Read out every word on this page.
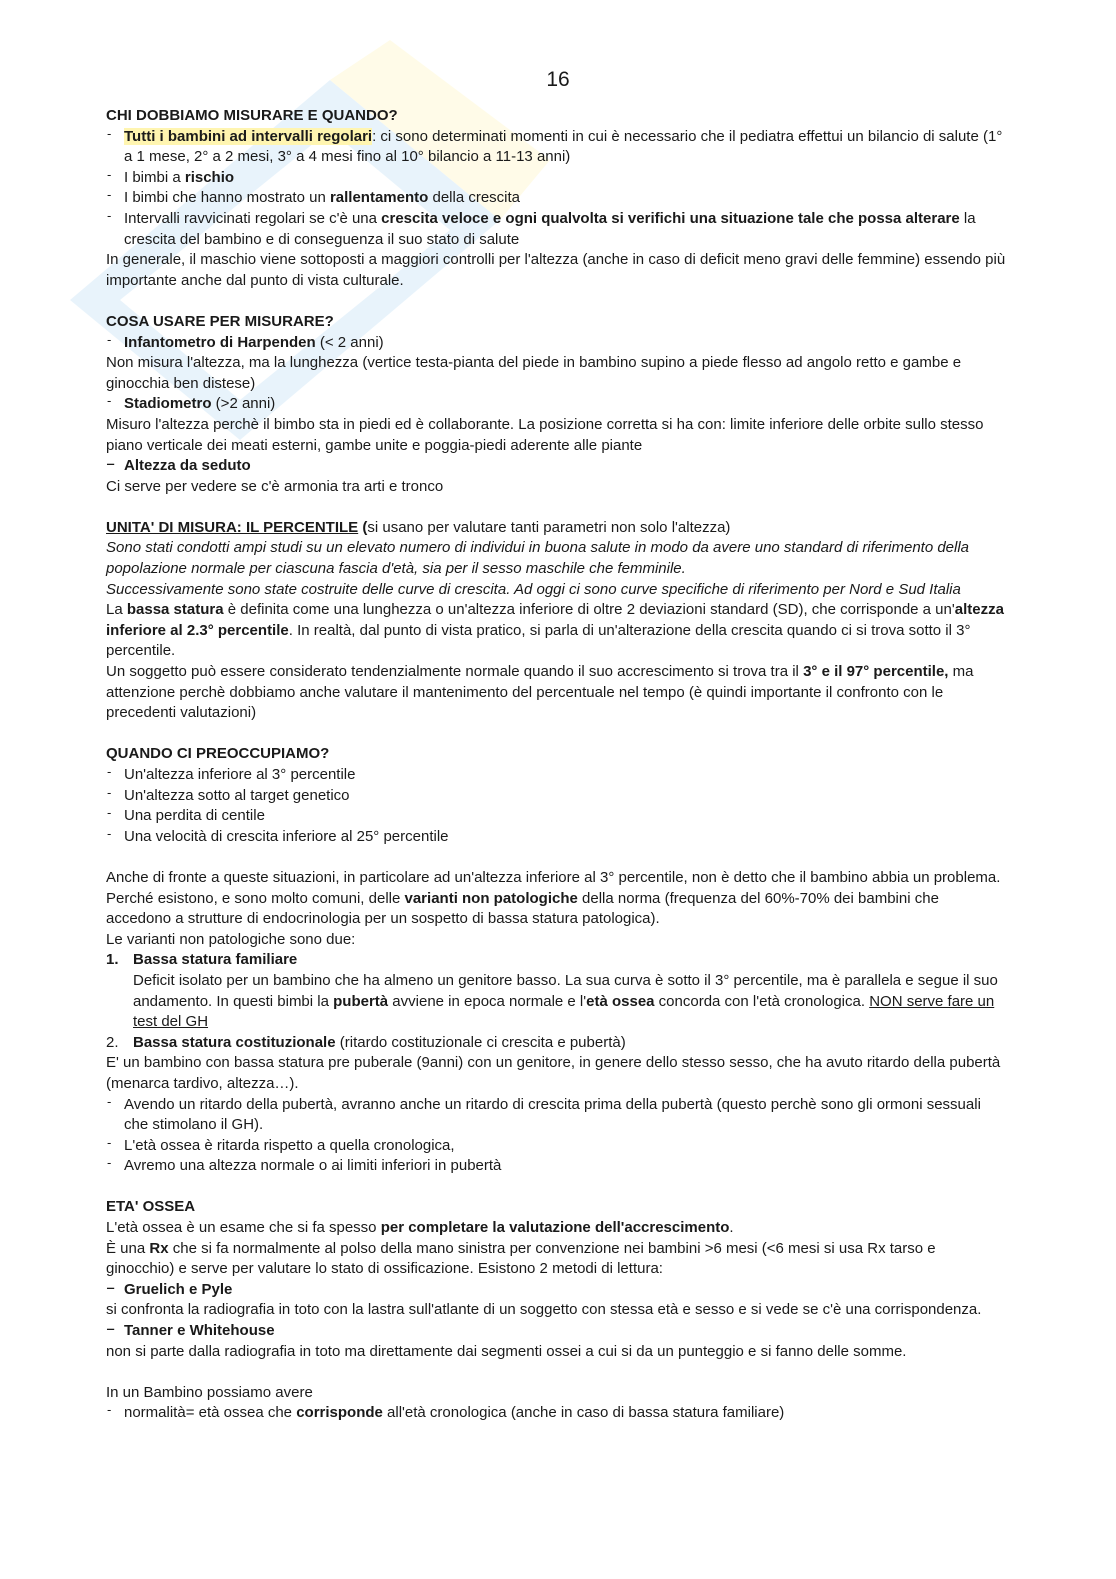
16

CHI DOBBIAMO MISURARE E QUANDO?

‐ Tutti i bambini ad intervalli regolari: ci sono determinati momenti in cui è necessario che il pediatra effettui un bilancio di salute (1° a 1 mese, 2° a 2 mesi, 3° a 4 mesi fino al 10° bilancio a 11-13 anni)
‐ I bimbi a rischio
‐ I bimbi che hanno mostrato un rallentamento della crescita
‐ Intervalli ravvicinati regolari se c'è una crescita veloce e ogni qualvolta si verifichi una situazione tale che possa alterare la crescita del bambino e di conseguenza il suo stato di salute

In generale, il maschio viene sottoposti a maggiori controlli per l'altezza (anche in caso di deficit meno gravi delle femmine) essendo più importante anche dal punto di vista culturale.

COSA USARE PER MISURARE?

‐ Infantometro di Harpenden (< 2 anni)

Non misura l'altezza, ma la lunghezza (vertice testa-pianta del piede in bambino supino a piede flesso ad angolo retto e gambe e ginocchia ben distese)

‐ Stadiometro (>2 anni)

Misuro l'altezza perchè il bimbo sta in piedi ed è collaborante. La posizione corretta si ha con: limite inferiore delle orbite sullo stesso piano verticale dei meati esterni, gambe unite e poggia-piedi aderente alle piante

‒ Altezza da seduto

Ci serve per vedere se c'è armonia tra arti e tronco

UNITA' DI MISURA: IL PERCENTILE (si usano per valutare tanti parametri non solo l'altezza)

Sono stati condotti ampi studi su un elevato numero di individui in buona salute in modo da avere uno standard di riferimento della popolazione normale per ciascuna fascia d'età, sia per il sesso maschile che femminile.

Successivamente sono state costruite delle curve di crescita. Ad oggi ci sono curve specifiche di riferimento per Nord e Sud Italia

La bassa statura è definita come una lunghezza o un'altezza inferiore di oltre 2 deviazioni standard (SD), che corrisponde a un'altezza inferiore al 2.3° percentile. In realtà, dal punto di vista pratico, si parla di un'alterazione della crescita quando ci si trova sotto il 3° percentile.

Un soggetto può essere considerato tendenzialmente normale quando il suo accrescimento si trova tra il 3° e il 97° percentile, ma attenzione perchè dobbiamo anche valutare il mantenimento del percentuale nel tempo (è quindi importante il confronto con le precedenti valutazioni)

QUANDO CI PREOCCUPIAMO?

‐ Un'altezza inferiore al 3° percentile
‐ Un'altezza sotto al target genetico
‐ Una perdita di centile
‐ Una velocità di crescita inferiore al 25° percentile

Anche di fronte a queste situazioni, in particolare ad un'altezza inferiore al 3° percentile, non è detto che il bambino abbia un problema. Perché esistono, e sono molto comuni, delle varianti non patologiche della norma (frequenza del 60%-70% dei bambini che accedono a strutture di endocrinologia per un sospetto di bassa statura patologica).

Le varianti non patologiche sono due:

1. Bassa statura familiare

Deficit isolato per un bambino che ha almeno un genitore basso. La sua curva è sotto il 3° percentile, ma è parallela e segue il suo andamento. In questi bimbi la pubertà avviene in epoca normale e l'età ossea concorda con l'età cronologica. NON serve fare un test del GH

2. Bassa statura costituzionale (ritardo costituzionale ci crescita e pubertà)

E' un bambino con bassa statura pre puberale (9anni) con un genitore, in genere dello stesso sesso, che ha avuto ritardo della pubertà (menarca tardivo, altezza…).

‐ Avendo un ritardo della pubertà, avranno anche un ritardo di crescita prima della pubertà (questo perchè sono gli ormoni sessuali che stimolano il GH).
‐ L'età ossea è ritarda rispetto a quella cronologica,
‐ Avremo una altezza normale o ai limiti inferiori in pubertà

ETA' OSSEA

L'età ossea è un esame che si fa spesso per completare la valutazione dell'accrescimento.

È una Rx che si fa normalmente al polso della mano sinistra per convenzione nei bambini >6 mesi (<6 mesi si usa Rx tarso e ginocchio) e serve per valutare lo stato di ossificazione. Esistono 2 metodi di lettura:

‒ Gruelich e Pyle

si confronta la radiografia in toto con la lastra sull'atlante di un soggetto con stessa età e sesso e si vede se c'è una corrispondenza.

‒ Tanner e Whitehouse

non si parte dalla radiografia in toto ma direttamente dai segmenti ossei a cui si da un punteggio e si fanno delle somme.

In un Bambino possiamo avere

‐ normalità= età ossea che corrisponde all'età cronologica (anche in caso di bassa statura familiare)
